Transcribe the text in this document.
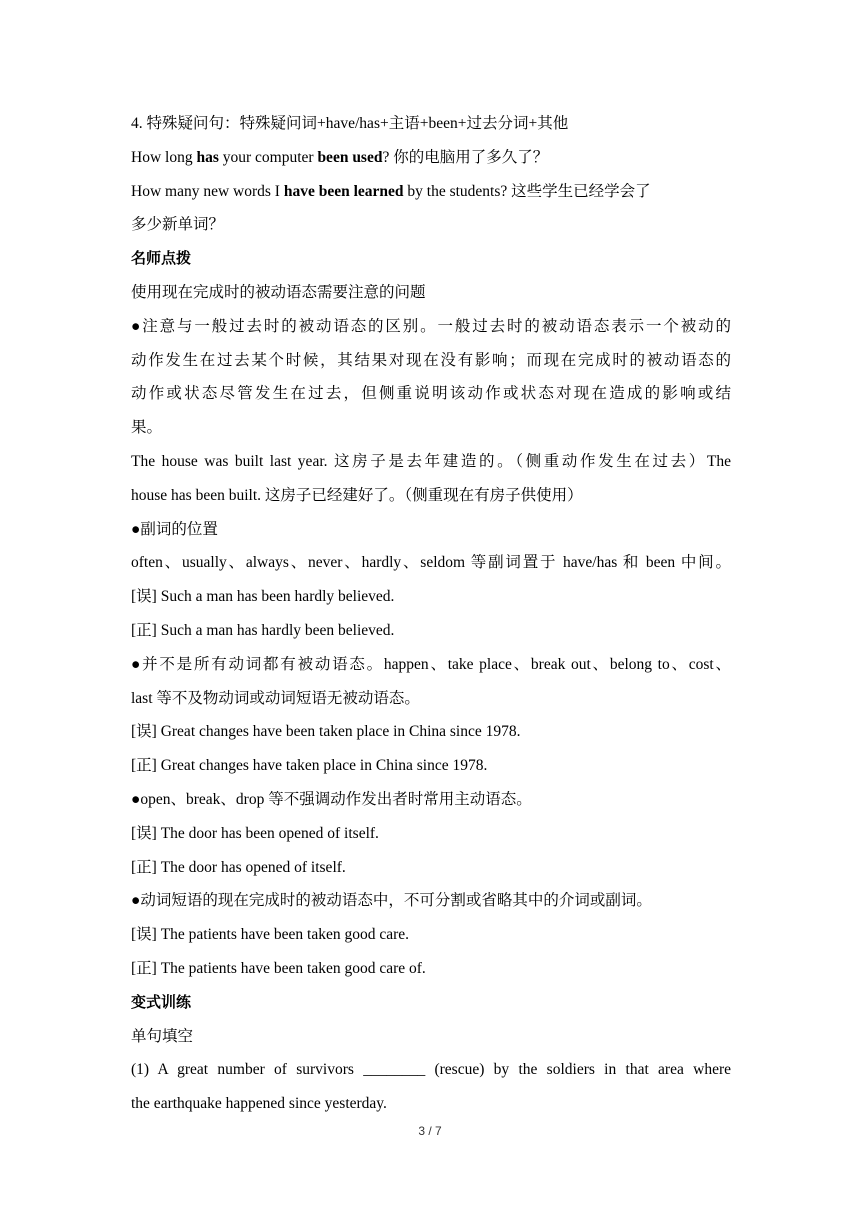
4. 特殊疑问句：特殊疑问词+have/has+主语+been+过去分词+其他
How long has your computer been used? 你的电脑用了多久了？
How many new words I have been learned by the students? 这些学生已经学会了
多少新单词？
名师点拨
使用现在完成时的被动语态需要注意的问题
●注意与一般过去时的被动语态的区别。一般过去时的被动语态表示一个被动的
动作发生在过去某个时候，其结果对现在没有影响；而现在完成时的被动语态的
动作或状态尽管发生在过去，但侧重说明该动作或状态对现在造成的影响或结
果。
The house was built last year. 这房子是去年建造的。（侧重动作发生在过去）The
house has been built. 这房子已经建好了。（侧重现在有房子供使用）
●副词的位置
often、usually、always、never、hardly、seldom 等副词置于 have/has 和 been 中间。
[误] Such a man has been hardly believed.
[正] Such a man has hardly been believed.
●并不是所有动词都有被动语态。happen、take place、break out、belong to、cost、
last 等不及物动词或动词短语无被动语态。
[误] Great changes have been taken place in China since 1978.
[正] Great changes have taken place in China since 1978.
●open、break、drop 等不强调动作发出者时常用主动语态。
[误] The door has been opened of itself.
[正] The door has opened of itself.
●动词短语的现在完成时的被动语态中，不可分割或省略其中的介词或副词。
[误] The patients have been taken good care.
[正] The patients have been taken good care of.
变式训练
单句填空
(1) A great number of survivors ________ (rescue) by the soldiers in that area where
the earthquake happened since yesterday.
3 / 7
